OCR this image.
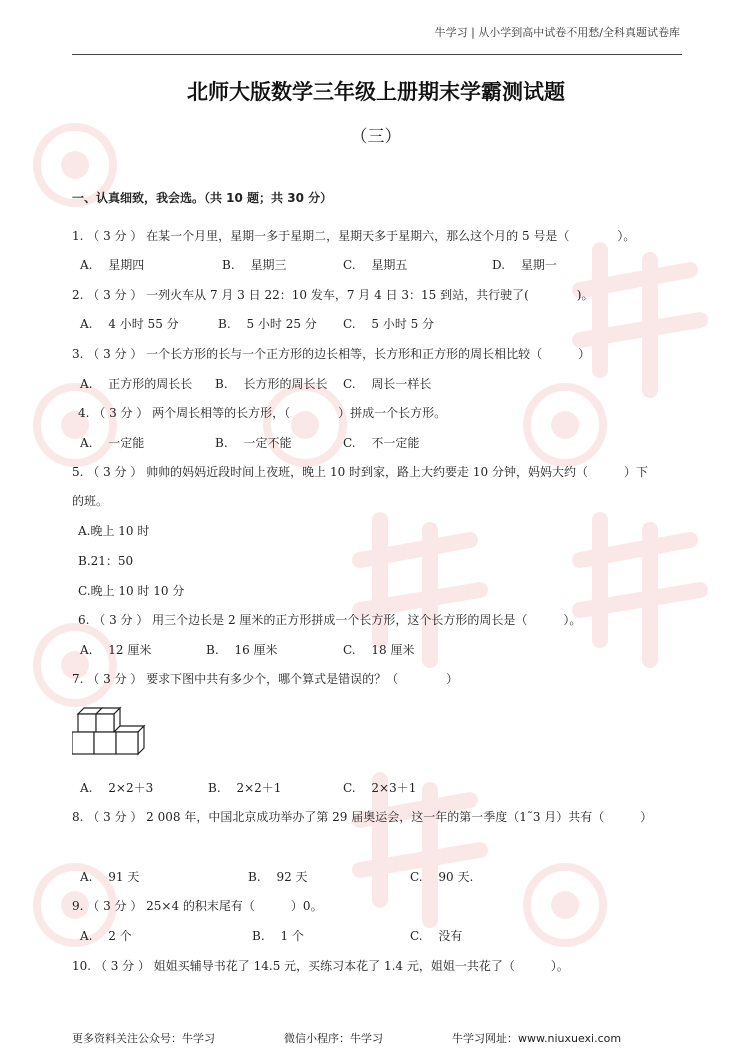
牛学习 | 从小学到高中试卷不用愁/全科真题试卷库
北师大版数学三年级上册期末学霸测试题
（三）
一、认真细致，我会选。（共 10 题；共 30 分）
1. （ 3 分 ） 在某一个月里，星期一多于星期二，星期天多于星期六，那么这个月的 5 号是（　　　　）。
A.　 星期四	B.　 星期三	C.　 星期五	D.　 星期一
2. （ 3 分 ） 一列火车从 7 月 3 日 22：10 发车，7 月 4 日 3：15 到站，共行驶了(　　　　)。
A.　 4 小时 55 分	B.　 5 小时 25 分 C.　 5 小时 5 分
3. （ 3 分 ） 一个长方形的长与一个正方形的边长相等，长方形和正方形的周长相比较（　　　）
A.　 正方形的周长长 B.　 长方形的周长长 C.　 周长一样长
4. （ 3 分 ） 两个周长相等的长方形，（　　　　）拼成一个长方形。
A.　 一定能	B.　 一定不能	C.　 不一定能
5. （ 3 分 ） 帅帅的妈妈近段时间上夜班，晚上 10 时到家，路上大约要走 10 分钟，妈妈大约（　　　）下
的班。
A.晚上 10 时
B.21：50
C.晚上 10 时 10 分
6. （ 3 分 ） 用三个边长是 2 厘米的正方形拼成一个长方形，这个长方形的周长是（　　　）。
A.　 12 厘米	B.　 16 厘米	C.　 18 厘米
7. （ 3 分 ） 要求下图中共有多少个，哪个算式是错误的？（　　　　）
A.　 2×2＋3	B.　 2×2＋1	C.　 2×3＋1
8. （ 3 分 ） 2 008 年，中国北京成功举办了第 29 届奥运会，这一年的第一季度（1˜3 月）共有（　　　）
A.　 91 天	B.　 92 天	C.　 90 天.
9. （ 3 分 ） 25×4 的积末尾有（　　　）0。
A.　 2 个	B.　 1 个	C.　 没有
10. （ 3 分 ） 姐姐买辅导书花了 14.5 元，买练习本花了 1.4 元，姐姐一共花了（　　　）。
更多资料关注公众号：牛学习	微信小程序：牛学习	牛学习网址：www.niuxuexi.com
